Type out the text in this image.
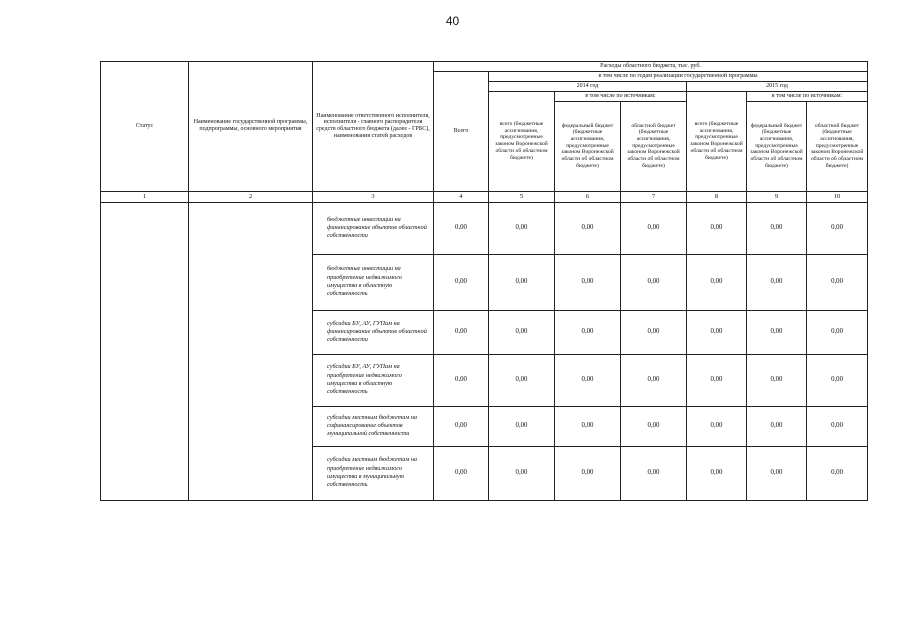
40
Статус	Наименование государственной программы, подпрограммы, основного мероприятия	Наименование ответственного исполнителя, исполнителя - главного распорядителя средств областного бюджета (далее - ГРБС), наименования статей расходов	Расходы областного бюджета, тыс. руб.						
			Всего	в том числе по годам реализации государственной программы					
				2014 год			2015 год		
				всего (бюджетные ассигнования, предусмотренные законом Воронежской области об областном бюджете)	в том числе по источникам:		всего (бюджетные ассигнования, предусмотренные законом Воронежской области об областном бюджете)	в том числе по источникам:	
					федеральный бюджет (бюджетные ассигнования, предусмотренные законом Воронежской области об областном бюджете)	областной бюджет (бюджетные ассигнования, предусмотренные законом Воронежской области об областном бюджете)		федеральный бюджет (бюджетные ассигнования, предусмотренные законом Воронежской области об областном бюджете)	областной бюджет (бюджетные ассигнования, предусмотренные законом Воронежской области об областном бюджете)
1	2	3	4	5	6	7	8	9	10
		бюджетные инвестиции на финансирование объектов областной собственности	0,00	0,00	0,00	0,00	0,00	0,00	0,00
		бюджетные инвестиции на приобретение недвижимого имущества в областную собственность	0,00	0,00	0,00	0,00	0,00	0,00	0,00
		субсидии БУ, АУ, ГУПам на финансирование объектов областной собственности	0,00	0,00	0,00	0,00	0,00	0,00	0,00
		субсидии БУ, АУ, ГУПам на приобретение недвижимого имущества в областную собственность	0,00	0,00	0,00	0,00	0,00	0,00	0,00
		субсидии местным бюджетам на софинансирование объектов муниципальной собственности	0,00	0,00	0,00	0,00	0,00	0,00	0,00
		субсидии местным бюджетам на приобретение недвижимого имущества в муниципальную собственность	0,00	0,00	0,00	0,00	0,00	0,00	0,00
